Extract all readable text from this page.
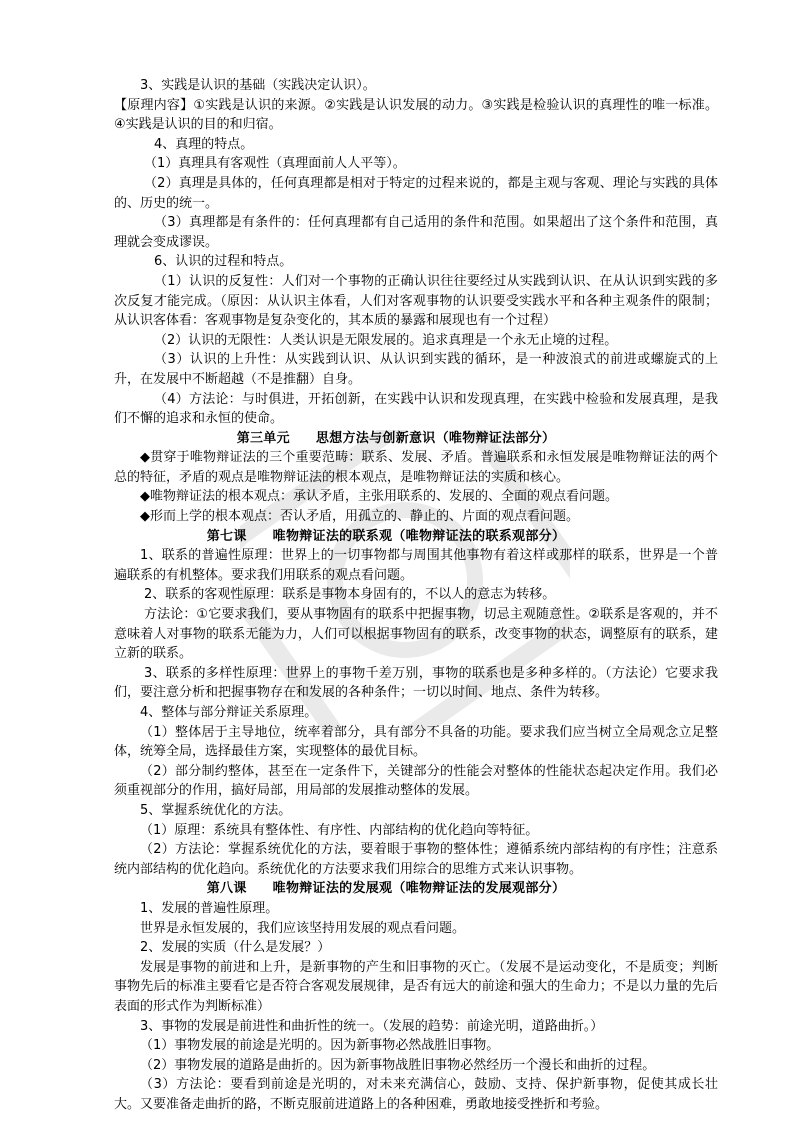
3、实践是认识的基础（实践决定认识）。

【原理内容】①实践是认识的来源。②实践是认识发展的动力。③实践是检验认识的真理性的唯一标准。④实践是认识的目的和归宿。

4、真理的特点。

（1）真理具有客观性（真理面前人人平等）。

（2）真理是具体的，任何真理都是相对于特定的过程来说的，都是主观与客观、理论与实践的具体的、历史的统一。

（3）真理都是有条件的：任何真理都有自己适用的条件和范围。如果超出了这个条件和范围，真理就会变成谬误。

6、认识的过程和特点。

（1）认识的反复性：人们对一个事物的正确认识往往要经过从实践到认识、在从认识到实践的多次反复才能完成。（原因：从认识主体看，人们对客观事物的认识要受实践水平和各种主观条件的限制；从认识客体看：客观事物是复杂变化的，其本质的暴露和展现也有一个过程）

（2）认识的无限性：人类认识是无限发展的。追求真理是一个永无止境的过程。

（3）认识的上升性：从实践到认识、从认识到实践的循环，是一种波浪式的前进或螺旋式的上升，在发展中不断超越（不是推翻）自身。

（4）方法论：与时俱进，开拓创新，在实践中认识和发现真理，在实践中检验和发展真理，是我们不懈的追求和永恒的使命。

第三单元 思想方法与创新意识（唯物辩证法部分）

◆贯穿于唯物辩证法的三个重要范畴：联系、发展、矛盾。普遍联系和永恒发展是唯物辩证法的两个总的特征，矛盾的观点是唯物辩证法的根本观点，是唯物辩证法的实质和核心。

◆唯物辩证法的根本观点：承认矛盾，主张用联系的、发展的、全面的观点看问题。

◆形而上学的根本观点：否认矛盾，用孤立的、静止的、片面的观点看问题。

第七课 唯物辩证法的联系观（唯物辩证法的联系观部分）

1、联系的普遍性原理：世界上的一切事物都与周围其他事物有着这样或那样的联系，世界是一个普遍联系的有机整体。要求我们用联系的观点看问题。

2、联系的客观性原理：联系是事物本身固有的，不以人的意志为转移。

方法论：①它要求我们，要从事物固有的联系中把握事物，切忌主观随意性。②联系是客观的，并不意味着人对事物的联系无能为力，人们可以根据事物固有的联系，改变事物的状态，调整原有的联系，建立新的联系。

3、联系的多样性原理：世界上的事物千差万别，事物的联系也是多种多样的。（方法论）它要求我们，要注意分析和把握事物存在和发展的各种条件；一切以时间、地点、条件为转移。

4、整体与部分辩证关系原理。

（1）整体居于主导地位，统率着部分，具有部分不具备的功能。要求我们应当树立全局观念立足整体，统筹全局，选择最佳方案，实现整体的最优目标。

（2）部分制约整体，甚至在一定条件下，关键部分的性能会对整体的性能状态起决定作用。我们必须重视部分的作用，搞好局部，用局部的发展推动整体的发展。

5、掌握系统优化的方法。

（1）原理：系统具有整体性、有序性、内部结构的优化趋向等特征。

（2）方法论：掌握系统优化的方法，要着眼于事物的整体性；遵循系统内部结构的有序性；注意系统内部结构的优化趋向。系统优化的方法要求我们用综合的思维方式来认识事物。

第八课 唯物辩证法的发展观（唯物辩证法的发展观部分）

1、发展的普遍性原理。

世界是永恒发展的，我们应该坚持用发展的观点看问题。

2、发展的实质（什么是发展？）

发展是事物的前进和上升，是新事物的产生和旧事物的灭亡。（发展不是运动变化，不是质变；判断事物先后的标准主要看它是否符合客观发展规律，是否有远大的前途和强大的生命力；不是以力量的先后表面的形式作为判断标准）

3、事物的发展是前进性和曲折性的统一。（发展的趋势：前途光明，道路曲折。）

（1）事物发展的前途是光明的。因为新事物必然战胜旧事物。

（2）事物发展的道路是曲折的。因为新事物战胜旧事物必然经历一个漫长和曲折的过程。

（3）方法论：要看到前途是光明的，对未来充满信心，鼓励、支持、保护新事物，促使其成长壮大。又要准备走曲折的路，不断克服前进道路上的各种困难，勇敢地接受挫折和考验。
